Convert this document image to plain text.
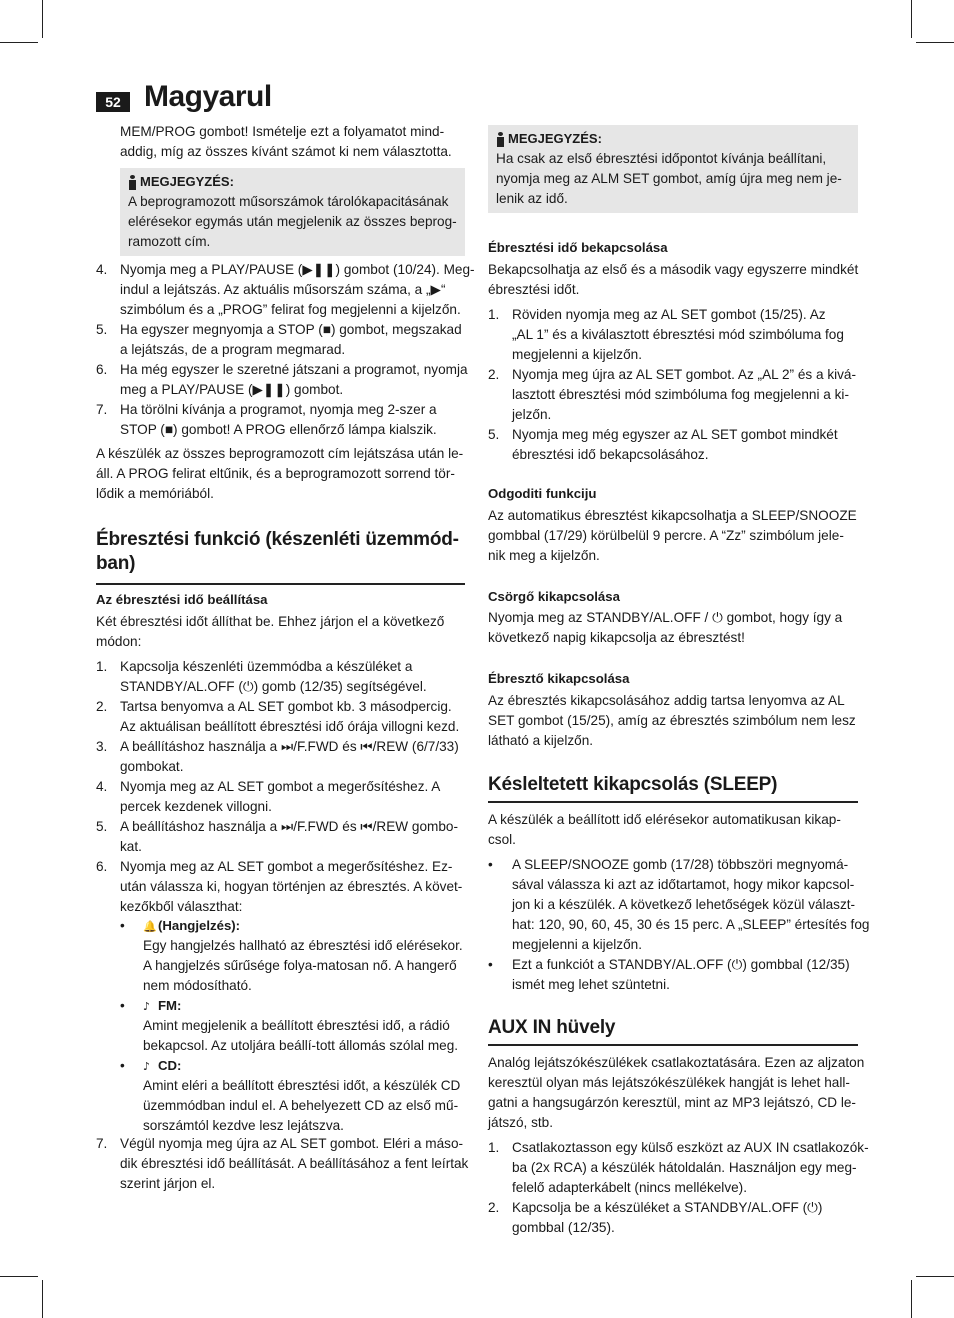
52 Magyarul
MEM/PROG gombot! Ismételje ezt a folyamatot mind-
addig, míg az összes kívánt számot ki nem választotta.
MEGJEGYZÉS:
A beprogramozott műsorszámok tárolókapacitásának
elérésekor egymás után megjelenik az összes beprog-
ramozott cím.
4. Nyomja meg a PLAY/PAUSE (▶❚❚) gombot (10/24). Meg-
indul a lejátszás. Az aktuális műsorszám száma, a „▶“
szimbólum és a „PROG” felirat fog megjelenni a kijelzőn.
5. Ha egyszer megnyomja a STOP (■) gombot, megszakad
a lejátszás, de a program megmarad.
6. Ha még egyszer le szeretné játszani a programot, nyomja
meg a PLAY/PAUSE (▶❚❚) gombot.
7. Ha törölni kívánja a programot, nyomja meg 2-szer a
STOP (■) gombot! A PROG ellenőrző lámpa kialszik.
A készülék az összes beprogramozott cím lejátszása után le-
áll. A PROG felirat eltűnik, és a beprogramozott sorrend tör-
lődik a memóriából.
Ébresztési funkció (készenléti üzemmód-
ban)
Az ébresztési idő beállítása
Két ébresztési időt állíthat be. Ehhez járjon el a következő
módon:
1. Kapcsolja készenléti üzemmódba a készüléket a
STANDBY/AL.OFF (⏻) gomb (12/35) segítségével.
2. Tartsa benyomva a AL SET gombot kb. 3 másodpercig.
Az aktuálisan beállított ébresztési idő órája villogni kezd.
3. A beállításhoz használja a ⏭/F.FWD és ⏮/REW (6/7/33)
gombokat.
4. Nyomja meg az AL SET gombot a megerősítéshez. A
percek kezdenek villogni.
5. A beállításhoz használja a ⏭/F.FWD és ⏮/REW gombo-
kat.
6. Nyomja meg az AL SET gombot a megerősítéshez. Ez-
után válassza ki, hogyan történjen az ébresztés. A követ-
kezőkből választhat:
• 🔔 (Hangjelzés):
Egy hangjelzés hallható az ébresztési idő elérésekor.
A hangjelzés sűrűsége folya-matosan nő. A hangerő
nem módosítható.
• ♪ FM:
Amint megjelenik a beállított ébresztési idő, a rádió
bekapcsol. Az utoljára beállí-tott állomás szólal meg.
• ♪ CD:
Amint eléri a beállított ébresztési időt, a készülék CD
üzemmódban indul el. A behelyezett CD az első mű-
sorszámtól kezdve lesz lejátszva.
7. Végül nyomja meg újra az AL SET gombot. Eléri a máso-
dik ébresztési idő beállítását. A beállításához a fent leírtak
szerint járjon el.
MEGJEGYZÉS:
Ha csak az első ébresztési időpontot kívánja beállítani,
nyomja meg az ALM SET gombot, amíg újra meg nem je-
lenik az idő.
Ébresztési idő bekapcsolása
Bekapcsolhatja az első és a második vagy egyszerre mindkét
ébresztési időt.
1. Röviden nyomja meg az AL SET gombot (15/25). Az
„AL 1” és a kiválasztott ébresztési mód szimbóluma fog
megjelenni a kijelzőn.
2. Nyomja meg újra az AL SET gombot. Az „AL 2” és a kivá-
lasztott ébresztési mód szimbóluma fog megjelenni a ki-
jelzőn.
5. Nyomja meg még egyszer az AL SET gombot mindkét
ébresztési idő bekapcsolásához.
Odgoditi funkciju
Az automatikus ébresztést kikapcsolhatja a SLEEP/SNOOZE
gombbal (17/29) körülbelül 9 percre. A “Zz” szimbólum jele-
nik meg a kijelzőn.
Csörgő kikapcsolása
Nyomja meg az STANDBY/AL.OFF / ⏻ gombot, hogy így a
következő napig kikapcsolja az ébresztést!
Ébresztő kikapcsolása
Az ébresztés kikapcsolásához addig tartsa lenyomva az AL
SET gombot (15/25), amíg az ébresztés szimbólum nem lesz
látható a kijelzőn.
Késleltetett kikapcsolás (SLEEP)
A készülék a beállított idő elérésekor automatikusan kikap-
csol.
• A SLEEP/SNOOZE gomb (17/28) többszöri megnyomá-
sával válassza ki azt az időtartamot, hogy mikor kapcsol-
jon ki a készülék. A következő lehetőségek közül választ-
hat: 120, 90, 60, 45, 30 és 15 perc. A „SLEEP” értesítés fog
megjelenni a kijelzőn.
• Ezt a funkciót a STANDBY/AL.OFF (⏻) gombbal (12/35)
ismét meg lehet szüntetni.
AUX IN hüvely
Analóg lejátszókészülékek csatlakoztatására. Ezen az aljzaton
keresztül olyan más lejátszókészülékek hangját is lehet hall-
gatni a hangsugárzón keresztül, mint az MP3 lejátszó, CD le-
játszó, stb.
1. Csatlakoztasson egy külső eszközt az AUX IN csatlakozók-
ba (2x RCA) a készülék hátoldalán. Használjon egy meg-
felelő adapterkábelt (nincs mellékelve).
2. Kapcsolja be a készüléket a STANDBY/AL.OFF (⏻)
gombbal (12/35).
